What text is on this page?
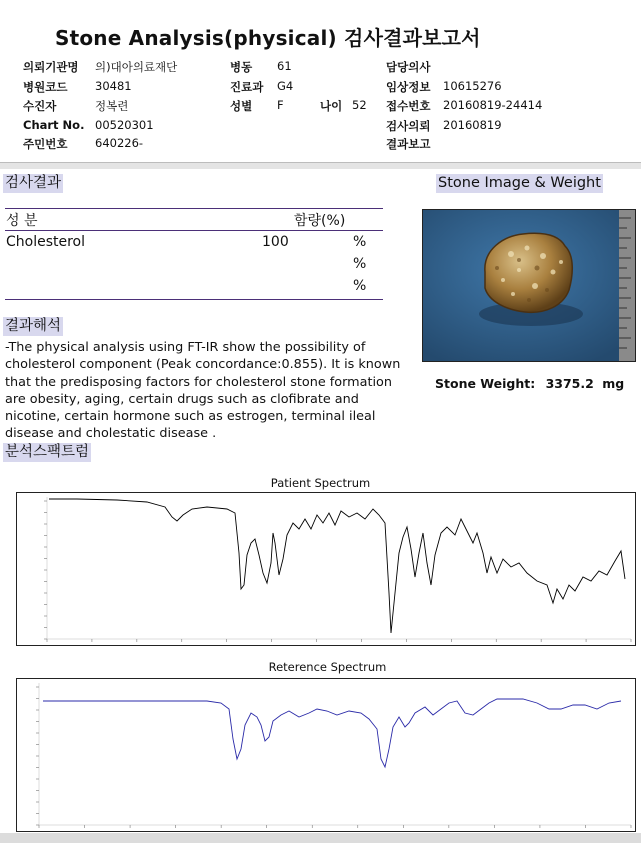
Stone Analysis(physical) 검사결과보고서
의뢰기관명 의)대아의료재단
병원코드 30481
수진자	정복련
Chart No. 00520301
주민번호 640226-
병동 61
진료과 G4
성별 F	나이 52
담당의사
임상정보 10615276
접수번호 20160819-24414
검사의뢰 20160819
결과보고
검사결과
성 분	함량(%)
Cholesterol	100	%
%
%
Stone Image & Weight
Stone Weight: 3375.2 mg
결과해석
-The physical analysis using FT-IR show the possibility of cholesterol component (Peak concordance:0.855). It is known that the predisposing factors for cholesterol stone formation are obesity, aging, certain drugs such as clofibrate and nicotine, certain hormone such as estrogen, terminal ileal disease and cholestatic disease .
분석스팩트럼
Patient Spectrum
Reterence Spectrum
